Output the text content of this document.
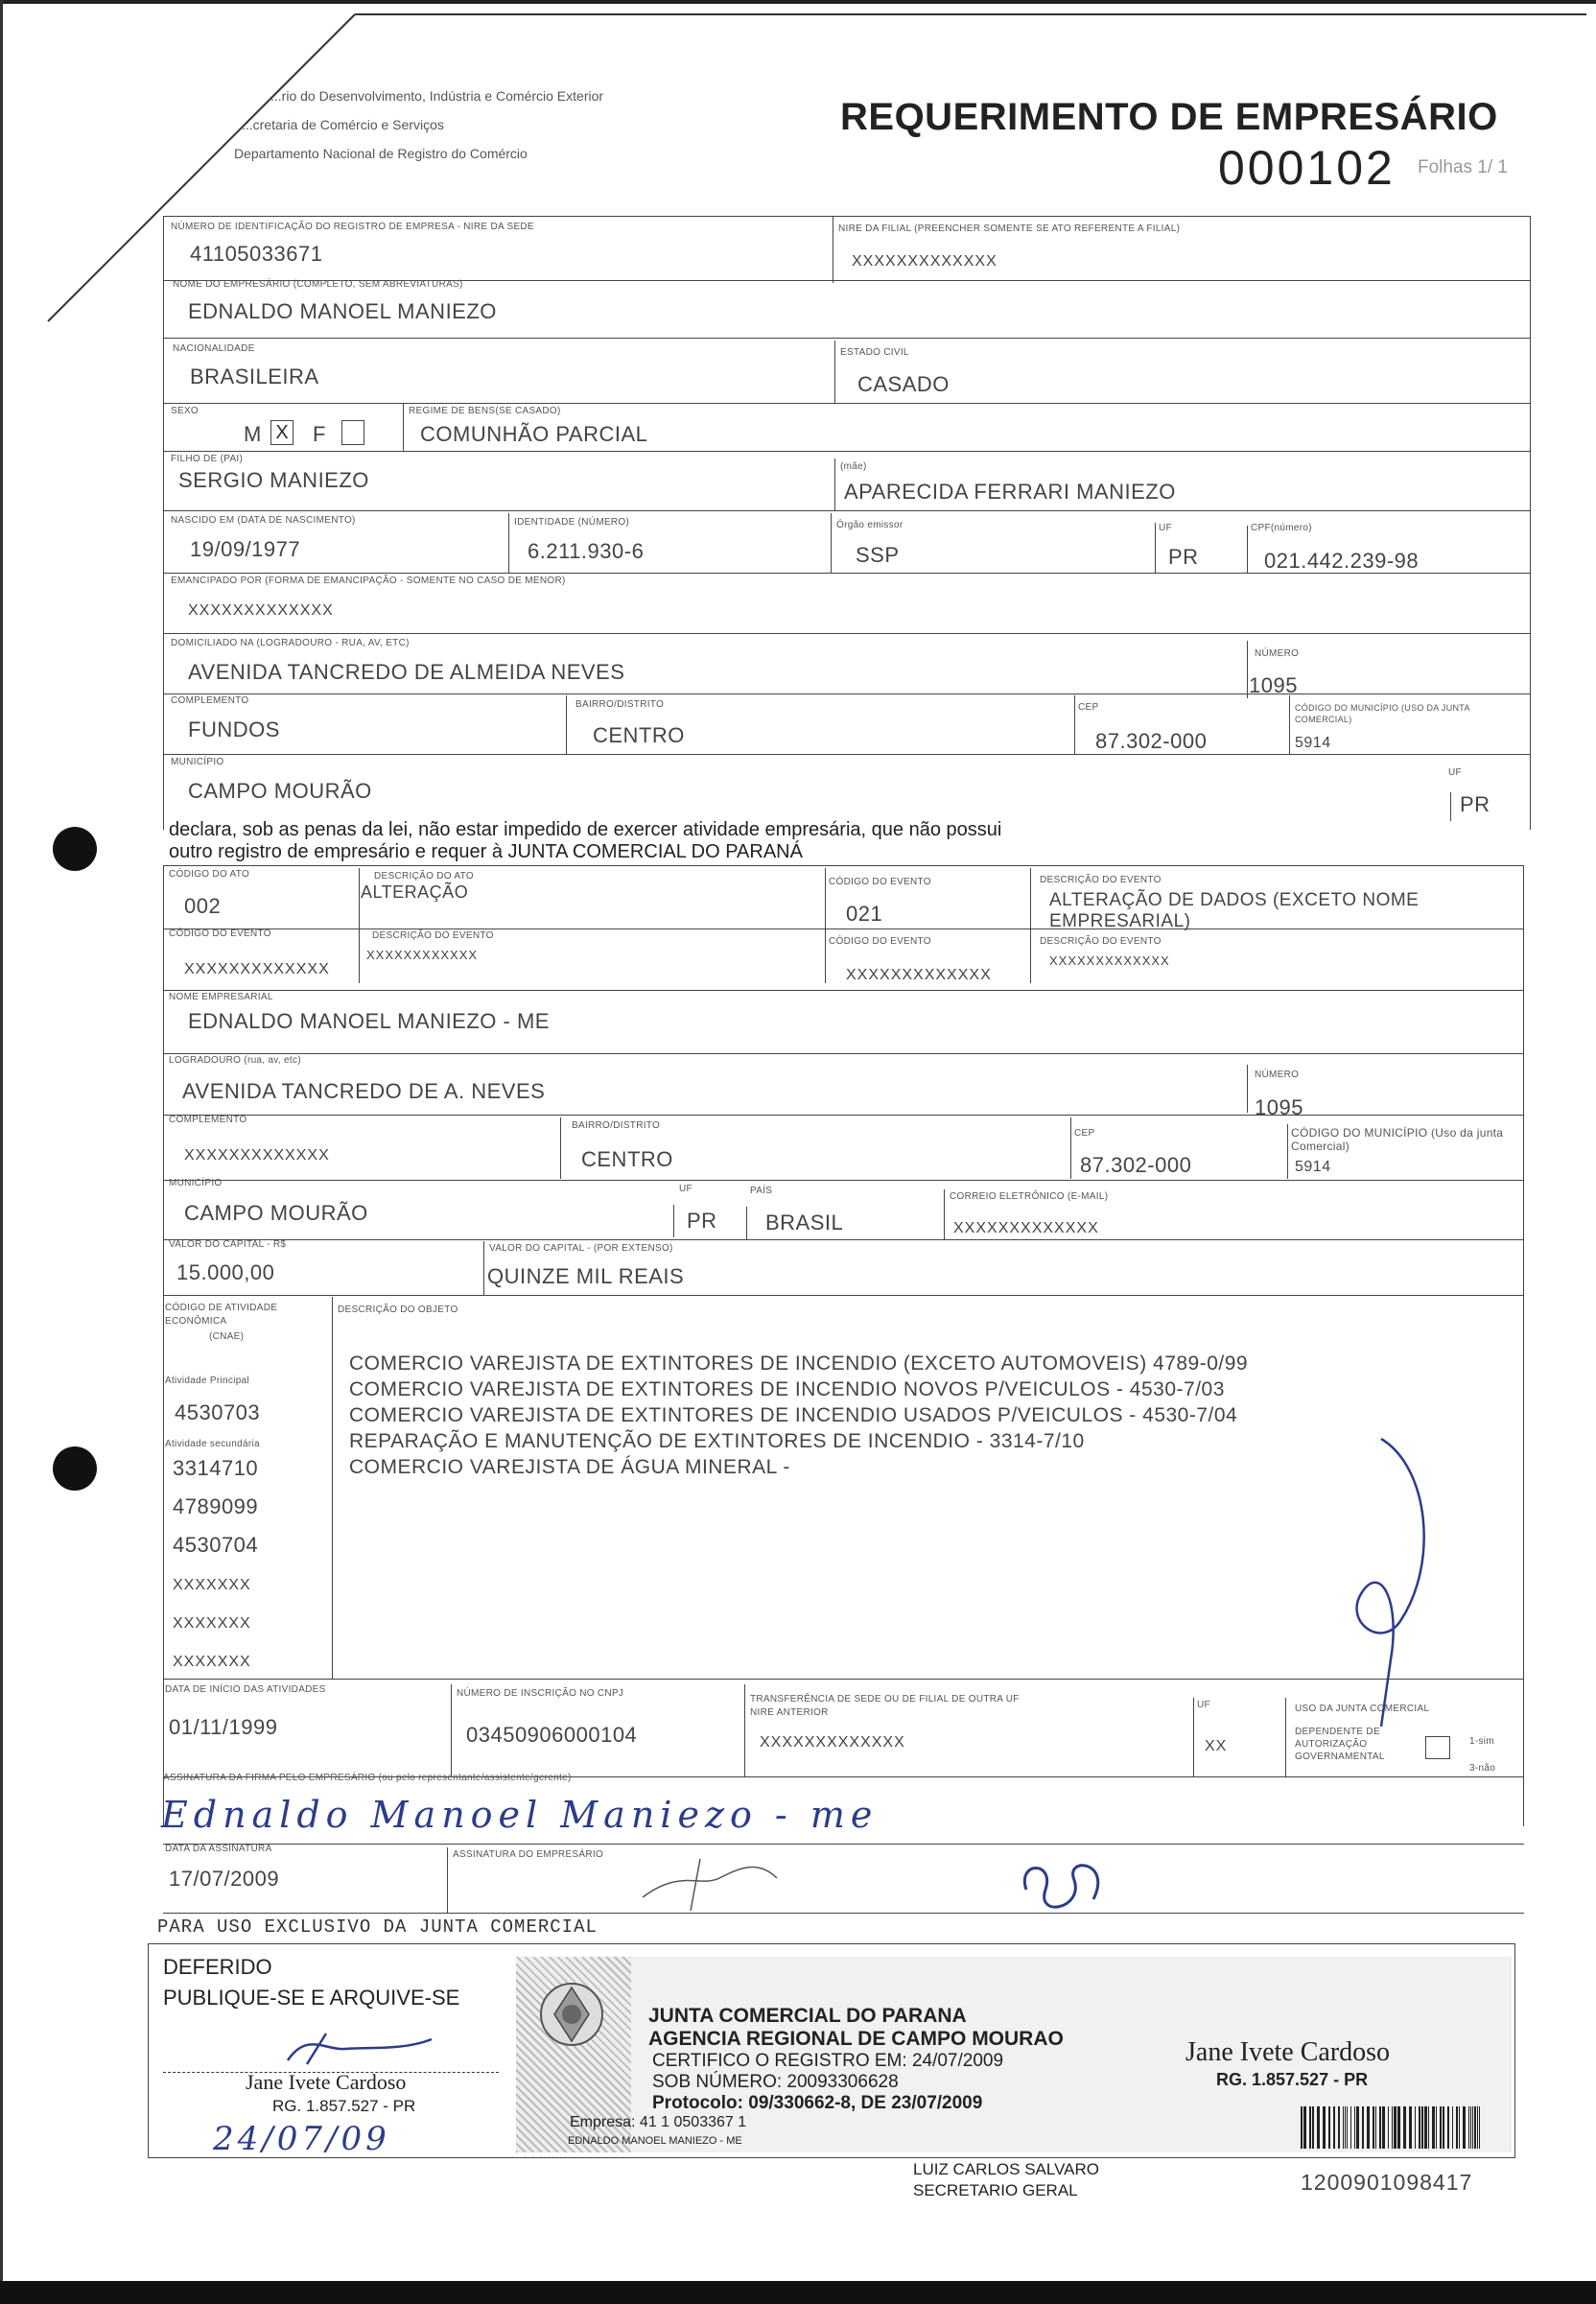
...rio do Desenvolvimento, Indústria e Comércio Exterior
...cretaria de Comércio e Serviços
Departamento Nacional de Registro do Comércio
REQUERIMENTO DE EMPRESÁRIO
000102 Folhas 1/ 1
NÚMERO DE IDENTIFICAÇÃO DO REGISTRO DE EMPRESA - NIRE DA SEDE
41105033671
NIRE DA FILIAL (PREENCHER SOMENTE SE ATO REFERENTE A FILIAL)
XXXXXXXXXXXXX
NOME DO EMPRESÁRIO (COMPLETO, SEM ABREVIATURAS)
EDNALDO MANOEL MANIEZO
NACIONALIDADE
BRASILEIRA
ESTADO CIVIL
CASADO
SEXO
M X F
REGIME DE BENS(SE CASADO)
COMUNHÃO PARCIAL
FILHO DE (PAI)
SERGIO MANIEZO
(mãe)
APARECIDA FERRARI MANIEZO
NASCIDO EM (DATA DE NASCIMENTO)
19/09/1977
IDENTIDADE (NÚMERO)
6.211.930-6
Órgão emissor
SSP
UF
PR
CPF(número)
021.442.239-98
EMANCIPADO POR (FORMA DE EMANCIPAÇÃO - SOMENTE NO CASO DE MENOR)
XXXXXXXXXXXXX
DOMICILIADO NA (LOGRADOURO - RUA, AV, ETC)
AVENIDA TANCREDO DE ALMEIDA NEVES
NÚMERO
1095
COMPLEMENTO
FUNDOS
BAIRRO/DISTRITO
CENTRO
CEP
87.302-000
CÓDIGO DO MUNICÍPIO (USO DA JUNTA COMERCIAL)
5914
MUNICÍPIO
CAMPO MOURÃO
UF
PR
declara, sob as penas da lei, não estar impedido de exercer atividade empresária, que não possui
outro registro de empresário e requer à JUNTA COMERCIAL DO PARANÁ
CÓDIGO DO ATO
002
DESCRIÇÃO DO ATO
ALTERAÇÃO
CÓDIGO DO EVENTO
021
DESCRIÇÃO DO EVENTO
ALTERAÇÃO DE DADOS (EXCETO NOME
EMPRESARIAL)
CÓDIGO DO EVENTO
XXXXXXXXXXXXX
DESCRIÇÃO DO EVENTO
XXXXXXXXXXXX
CÓDIGO DO EVENTO
XXXXXXXXXXXXX
DESCRIÇÃO DO EVENTO
XXXXXXXXXXXXX
NOME EMPRESARIAL
EDNALDO MANOEL MANIEZO - ME
LOGRADOURO (rua, av, etc)
AVENIDA TANCREDO DE A. NEVES
NÚMERO
1095
COMPLEMENTO
XXXXXXXXXXXXX
BAIRRO/DISTRITO
CENTRO
CEP
87.302-000
CÓDIGO DO MUNICÍPIO (Uso da junta Comercial)
5914
MUNICÍPIO
CAMPO MOURÃO
UF
PR
PAÍS
BRASIL
CORREIO ELETRÔNICO (E-MAIL)
XXXXXXXXXXXXX
VALOR DO CAPITAL - R$
15.000,00
VALOR DO CAPITAL - (POR EXTENSO)
QUINZE MIL REAIS
CÓDIGO DE ATIVIDADE
ECONÔMICA
(CNAE)
DESCRIÇÃO DO OBJETO
Atividade Principal
4530703
Atividade secundária
3314710
4789099
4530704
XXXXXXX
XXXXXXX
XXXXXXX
COMERCIO VAREJISTA DE EXTINTORES DE INCENDIO (EXCETO AUTOMOVEIS) 4789-0/99
COMERCIO VAREJISTA DE EXTINTORES DE INCENDIO NOVOS P/VEICULOS - 4530-7/03
COMERCIO VAREJISTA DE EXTINTORES DE INCENDIO USADOS P/VEICULOS - 4530-7/04
REPARAÇÃO E MANUTENÇÃO DE EXTINTORES DE INCENDIO - 3314-7/10
COMERCIO VAREJISTA DE ÁGUA MINERAL -
DATA DE INÍCIO DAS ATIVIDADES
01/11/1999
NÚMERO DE INSCRIÇÃO NO CNPJ
03450906000104
TRANSFERÊNCIA DE SEDE OU DE FILIAL DE OUTRA UF
NIRE ANTERIOR
XXXXXXXXXXXXX
UF
XX
USO DA JUNTA COMERCIAL
DEPENDENTE DE
AUTORIZAÇÃO
GOVERNAMENTAL
1-sim
3-não
ASSINATURA DA FIRMA PELO EMPRESÁRIO (ou pelo representante/assistente/gerente)
Ednaldo Manoel Maniezo - me
DATA DA ASSINATURA
17/07/2009
ASSINATURA DO EMPRESÁRIO
PARA USO EXCLUSIVO DA JUNTA COMERCIAL
DEFERIDO
PUBLIQUE-SE E ARQUIVE-SE
Jane Ivete Cardoso
RG. 1.857.527 - PR
24/07/09
JUNTA COMERCIAL DO PARANA
AGENCIA REGIONAL DE CAMPO MOURAO
CERTIFICO O REGISTRO EM: 24/07/2009
SOB NÚMERO: 20093306628
Protocolo: 09/330662-8, DE 23/07/2009
Empresa: 41 1 0503367 1
EDNALDO MANOEL MANIEZO - ME
LUIZ CARLOS SALVARO
SECRETARIO GERAL
Jane Ivete Cardoso
RG. 1.857.527 - PR
1200901098417
